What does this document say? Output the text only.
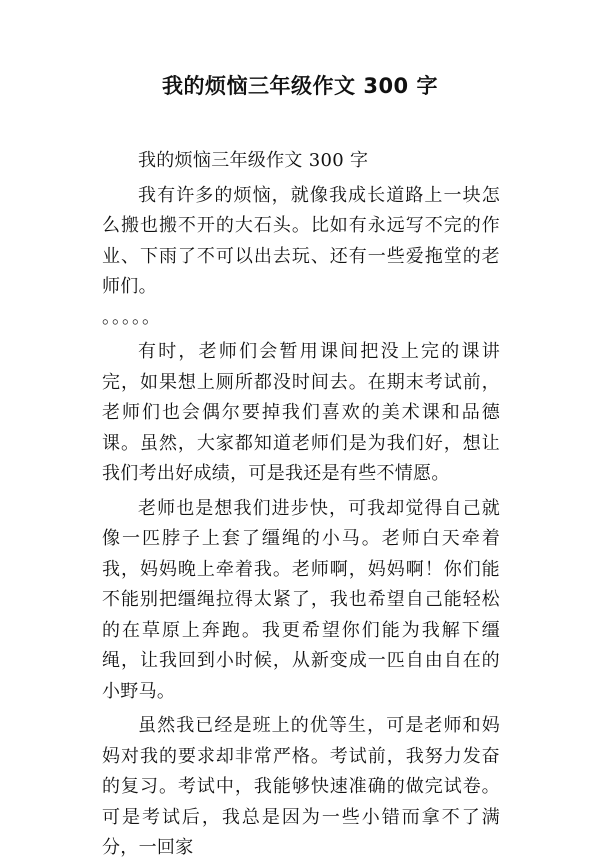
我的烦恼三年级作文 300 字

我的烦恼三年级作文 300 字

我有许多的烦恼，就像我成长道路上一块怎么搬也搬不开的大石头。比如有永远写不完的作业、下雨了不可以出去玩、还有一些爱拖堂的老师们。

。。。。。

有时，老师们会暂用课间把没上完的课讲完，如果想上厕所都没时间去。在期末考试前，老师们也会偶尔要掉我们喜欢的美术课和品德课。虽然，大家都知道老师们是为我们好，想让我们考出好成绩，可是我还是有些不情愿。

老师也是想我们进步快，可我却觉得自己就像一匹脖子上套了缰绳的小马。老师白天牵着我，妈妈晚上牵着我。老师啊，妈妈啊！你们能不能别把缰绳拉得太紧了，我也希望自己能轻松的在草原上奔跑。我更希望你们能为我解下缰绳，让我回到小时候，从新变成一匹自由自在的小野马。

虽然我已经是班上的优等生，可是老师和妈妈对我的要求却非常严格。考试前，我努力发奋的复习。考试中，我能够快速准确的做完试卷。可是考试后，我总是因为一些小错而拿不了满分，一回家
